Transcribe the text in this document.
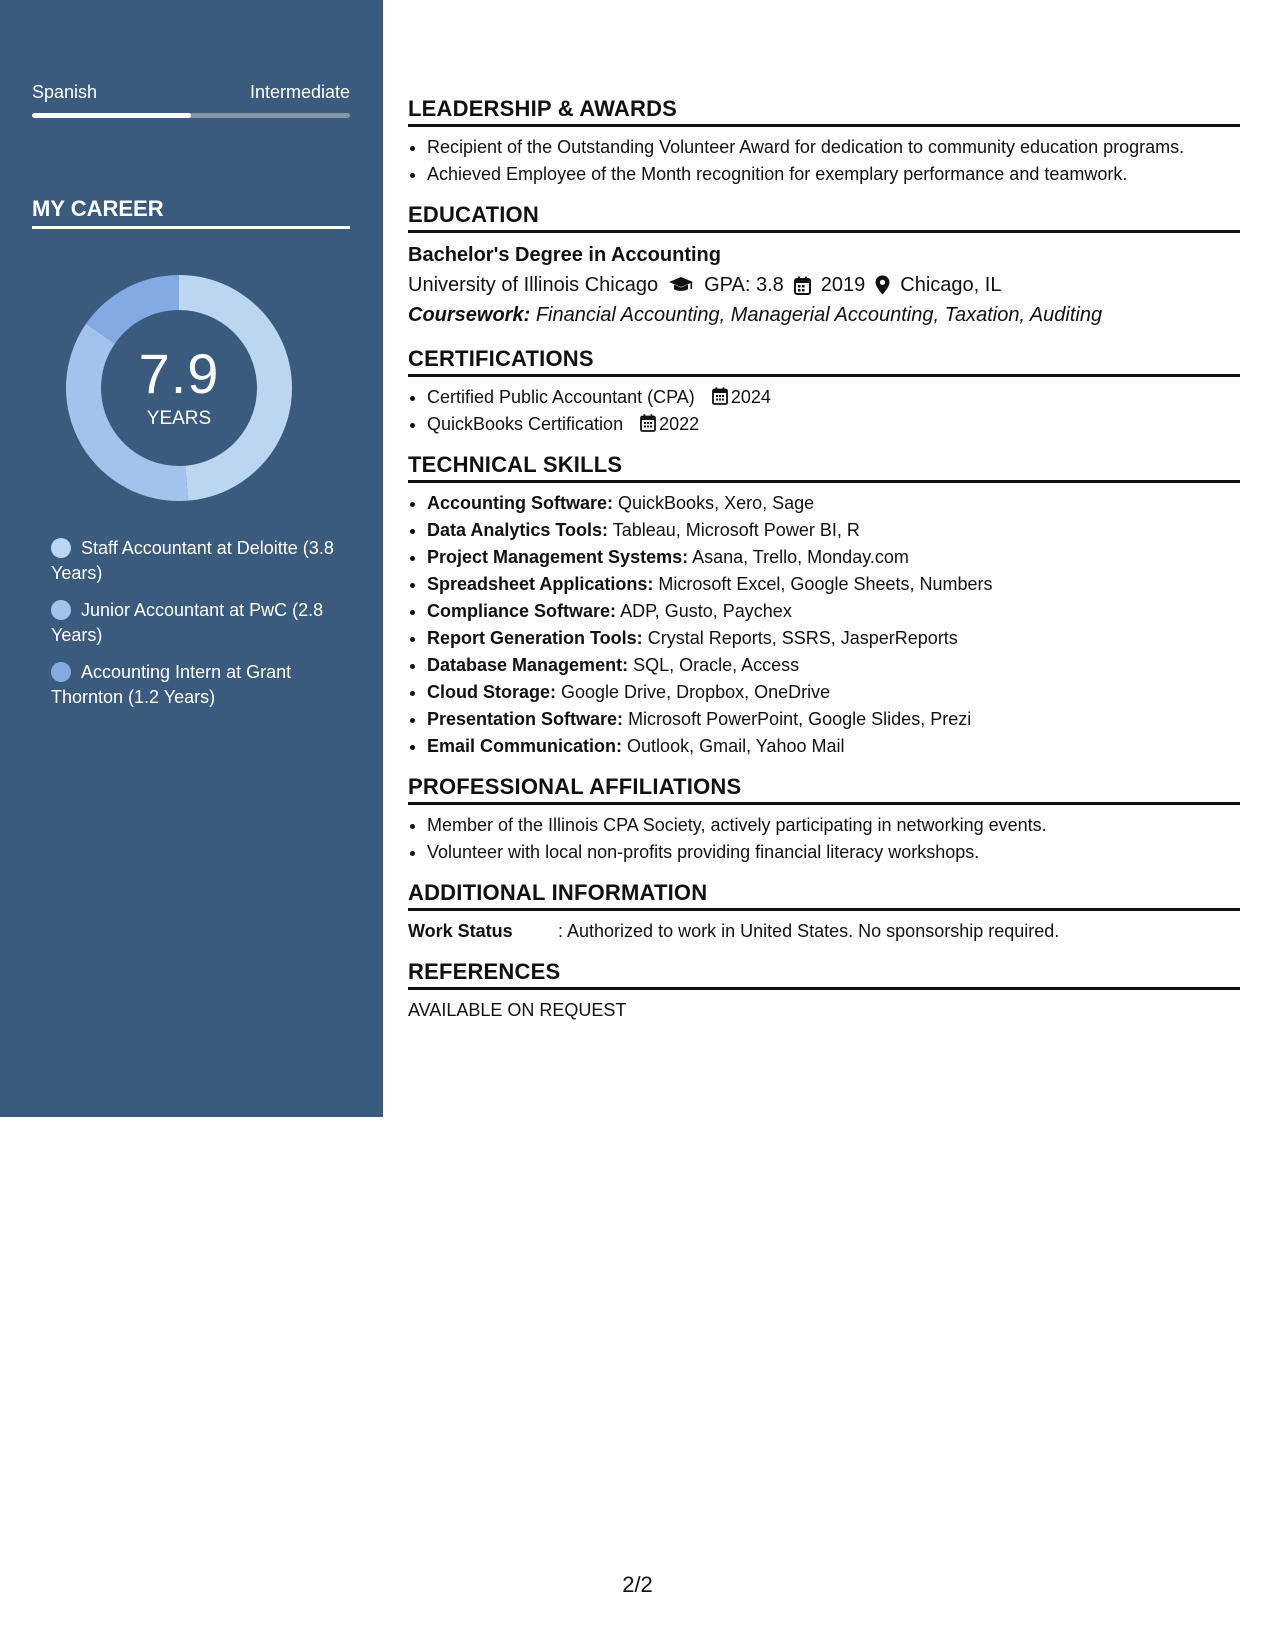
Spanish	Intermediate
MY CAREER
7.9
YEARS
Staff Accountant at Deloitte (3.8 Years)
Junior Accountant at PwC (2.8 Years)
Accounting Intern at Grant Thornton (1.2 Years)
LEADERSHIP & AWARDS
• Recipient of the Outstanding Volunteer Award for dedication to community education programs.
• Achieved Employee of the Month recognition for exemplary performance and teamwork.
EDUCATION
Bachelor's Degree in Accounting
University of Illinois Chicago GPA: 3.8 2019 Chicago, IL
Coursework: Financial Accounting, Managerial Accounting, Taxation, Auditing
CERTIFICATIONS
• Certified Public Accountant (CPA) 2024
• QuickBooks Certification 2022
TECHNICAL SKILLS
• Accounting Software: QuickBooks, Xero, Sage
• Data Analytics Tools: Tableau, Microsoft Power BI, R
• Project Management Systems: Asana, Trello, Monday.com
• Spreadsheet Applications: Microsoft Excel, Google Sheets, Numbers
• Compliance Software: ADP, Gusto, Paychex
• Report Generation Tools: Crystal Reports, SSRS, JasperReports
• Database Management: SQL, Oracle, Access
• Cloud Storage: Google Drive, Dropbox, OneDrive
• Presentation Software: Microsoft PowerPoint, Google Slides, Prezi
• Email Communication: Outlook, Gmail, Yahoo Mail
PROFESSIONAL AFFILIATIONS
• Member of the Illinois CPA Society, actively participating in networking events.
• Volunteer with local non-profits providing financial literacy workshops.
ADDITIONAL INFORMATION
Work Status	: Authorized to work in United States. No sponsorship required.
REFERENCES
AVAILABLE ON REQUEST
2/2
